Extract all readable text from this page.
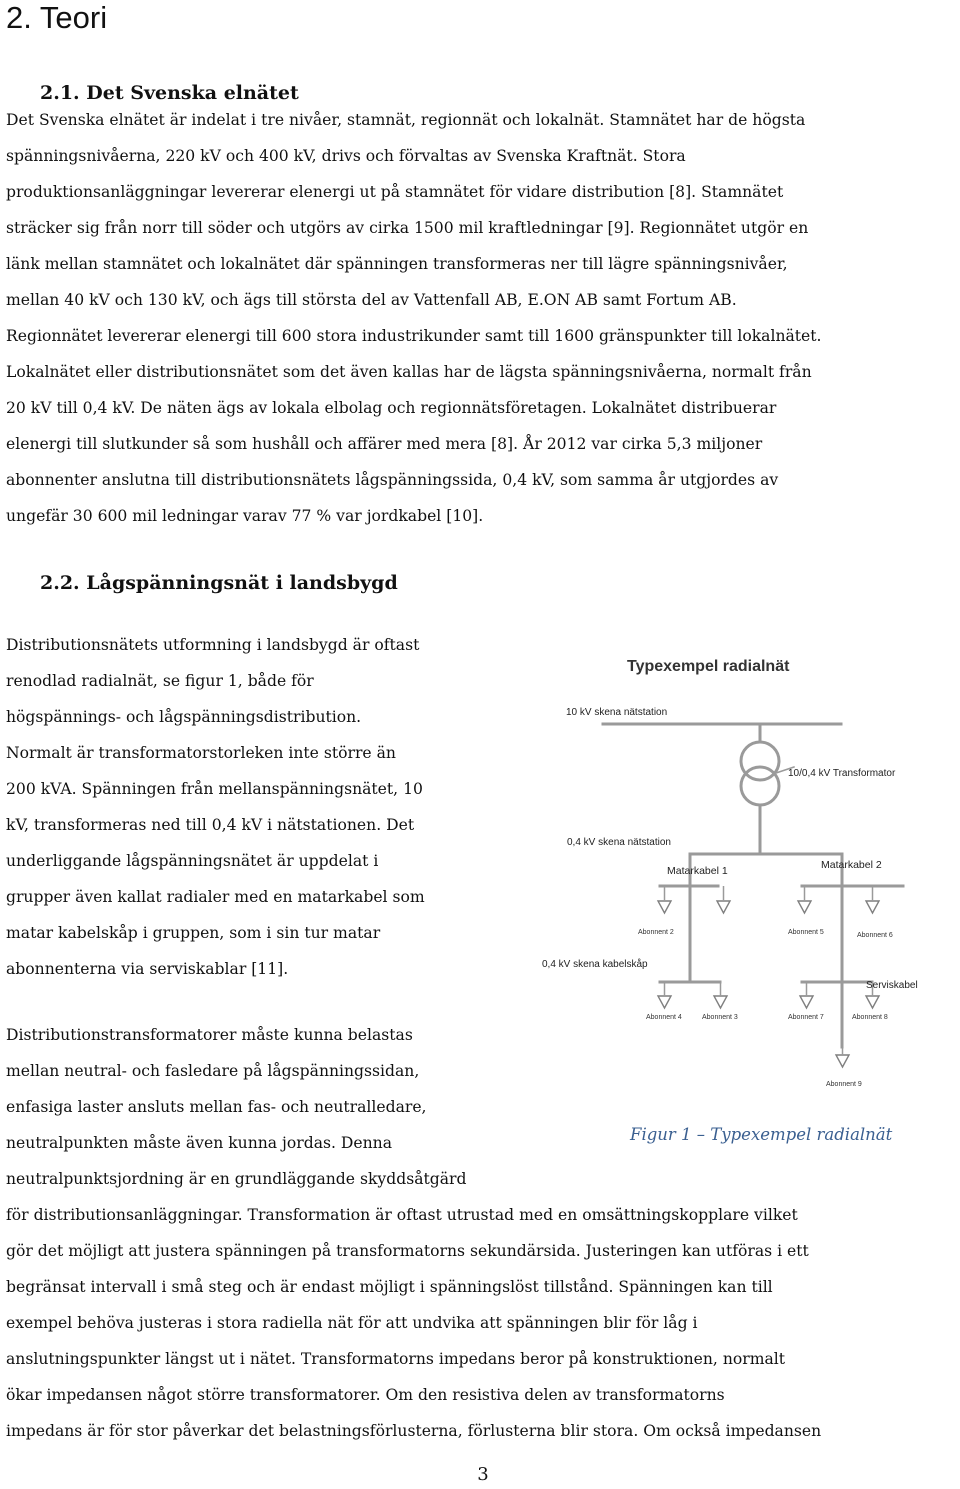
2. Teori
2.1. Det Svenska elnätet
Det Svenska elnätet är indelat i tre nivåer, stamnät, regionnät och lokalnät. Stamnätet har de högsta
spänningsnivåerna, 220 kV och 400 kV, drivs och förvaltas av Svenska Kraftnät. Stora
produktionsanläggningar levererar elenergi ut på stamnätet för vidare distribution [8]. Stamnätet
sträcker sig från norr till söder och utgörs av cirka 1500 mil kraftledningar [9]. Regionnätet utgör en
länk mellan stamnätet och lokalnätet där spänningen transformeras ner till lägre spänningsnivåer,
mellan 40 kV och 130 kV, och ägs till största del av Vattenfall AB, E.ON AB samt Fortum AB.
Regionnätet levererar elenergi till 600 stora industrikunder samt till 1600 gränspunkter till lokalnätet.
Lokalnätet eller distributionsnätet som det även kallas har de lägsta spänningsnivåerna, normalt från
20 kV till 0,4 kV. De näten ägs av lokala elbolag och regionnätsföretagen. Lokalnätet distribuerar
elenergi till slutkunder så som hushåll och affärer med mera [8]. År 2012 var cirka 5,3 miljoner
abonnenter anslutna till distributionsnätets lågspänningssida, 0,4 kV, som samma år utgjordes av
ungefär 30 600 mil ledningar varav 77 % var jordkabel [10].
2.2. Lågspänningsnät i landsbygd
Distributionsnätets utformning i landsbygd är oftast
renodlad radialnät, se figur 1, både för
högspännings- och lågspänningsdistribution.
Normalt är transformatorstorleken inte större än
200 kVA. Spänningen från mellanspänningsnätet, 10
kV, transformeras ned till 0,4 kV i nätstationen. Det
underliggande lågspänningsnätet är uppdelat i
grupper även kallat radialer med en matarkabel som
matar kabelskåp i gruppen, som i sin tur matar
abonnenterna via serviskablar [11].
Distributionstransformatorer måste kunna belastas
mellan neutral- och fasledare på lågspänningssidan,
enfasiga laster ansluts mellan fas- och neutralledare,
neutralpunkten måste även kunna jordas. Denna
neutralpunktsjordning är en grundläggande skyddsåtgärd
för distributionsanläggningar. Transformation är oftast utrustad med en omsättningskopplare vilket
gör det möjligt att justera spänningen på transformatorns sekundärsida. Justeringen kan utföras i ett
begränsat intervall i små steg och är endast möjligt i spänningslöst tillstånd. Spänningen kan till
exempel behöva justeras i stora radiella nät för att undvika att spänningen blir för låg i
anslutningspunkter längst ut i nätet. Transformatorns impedans beror på konstruktionen, normalt
ökar impedansen något större transformatorer. Om den resistiva delen av transformatorns
impedans är för stor påverkar det belastningsförlusterna, förlusterna blir stora. Om också impedansen
Typexempel radialnät
10 kV skena nätstation
10/0,4 kV Transformator
0,4 kV skena nätstation
Matarkabel 1	Matarkabel 2
0,4 kV skena kabelskåp
Serviskabel
Abonnent 2	Abonnent 5	Abonnent 6
Abonnent 4	Abonnent 3	Abonnent 7	Abonnent 8
Abonnent 9
Figur 1 – Typexempel radialnät
3
